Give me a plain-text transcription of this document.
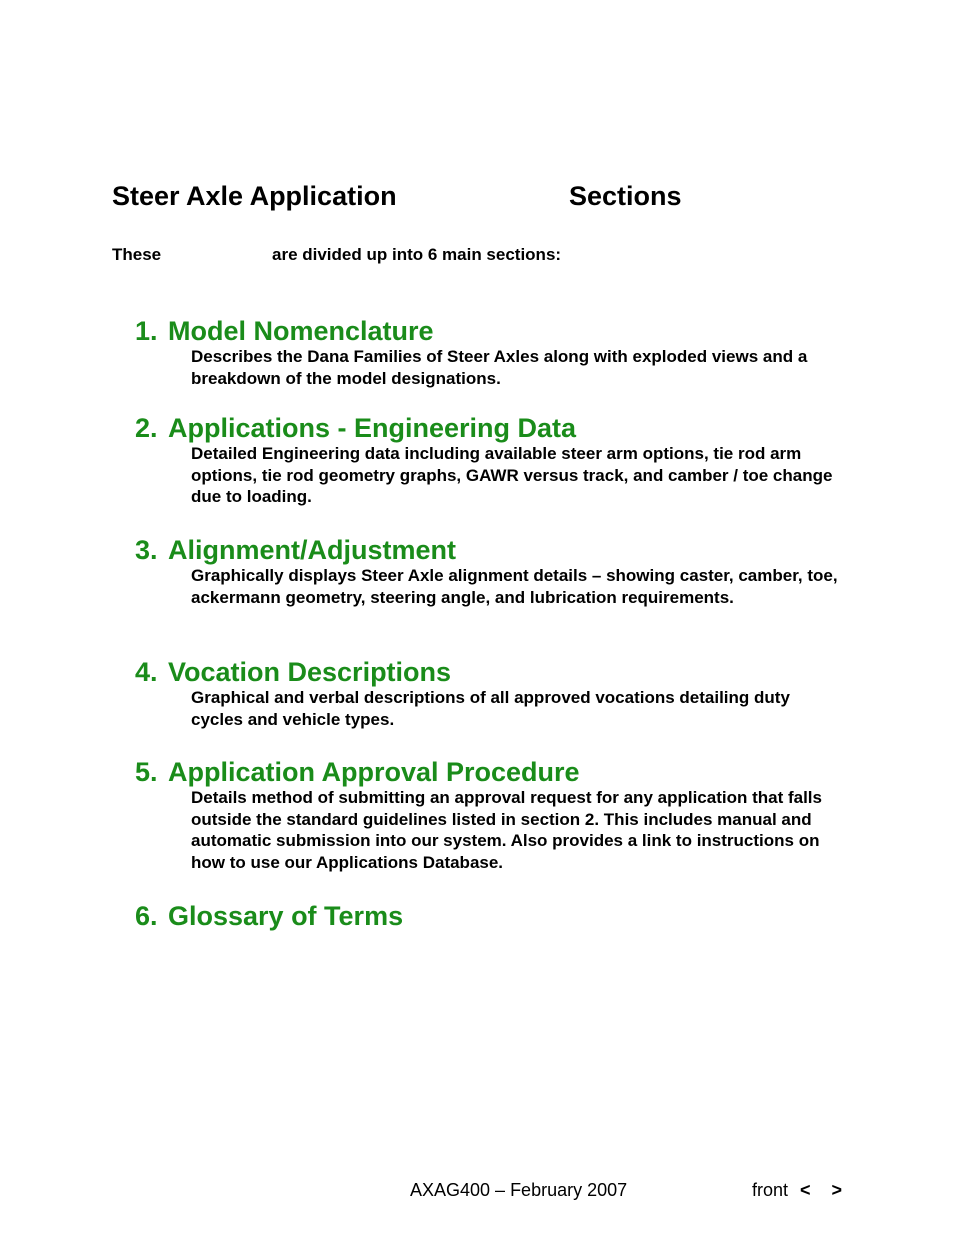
Steer Axle Application	Sections
These	are divided up into 6 main sections:
1. Model Nomenclature
Describes the Dana Families of Steer Axles along with exploded views and a breakdown of the model designations.
2. Applications - Engineering Data
Detailed Engineering data including available steer arm options, tie rod arm options, tie rod geometry graphs, GAWR versus track, and camber / toe change due to loading.
3. Alignment/Adjustment
Graphically displays Steer Axle alignment details – showing caster, camber, toe, ackermann geometry, steering angle, and lubrication requirements.
4. Vocation Descriptions
Graphical and verbal descriptions of all approved vocations detailing duty cycles and vehicle types.
5. Application Approval Procedure
Details method of submitting an approval request for any application that falls outside the standard guidelines listed in section 2. This includes manual and automatic submission into our system. Also provides a link to instructions on how to use our Applications Database.
6. Glossary of Terms
AXAG400 – February 2007	front < >
